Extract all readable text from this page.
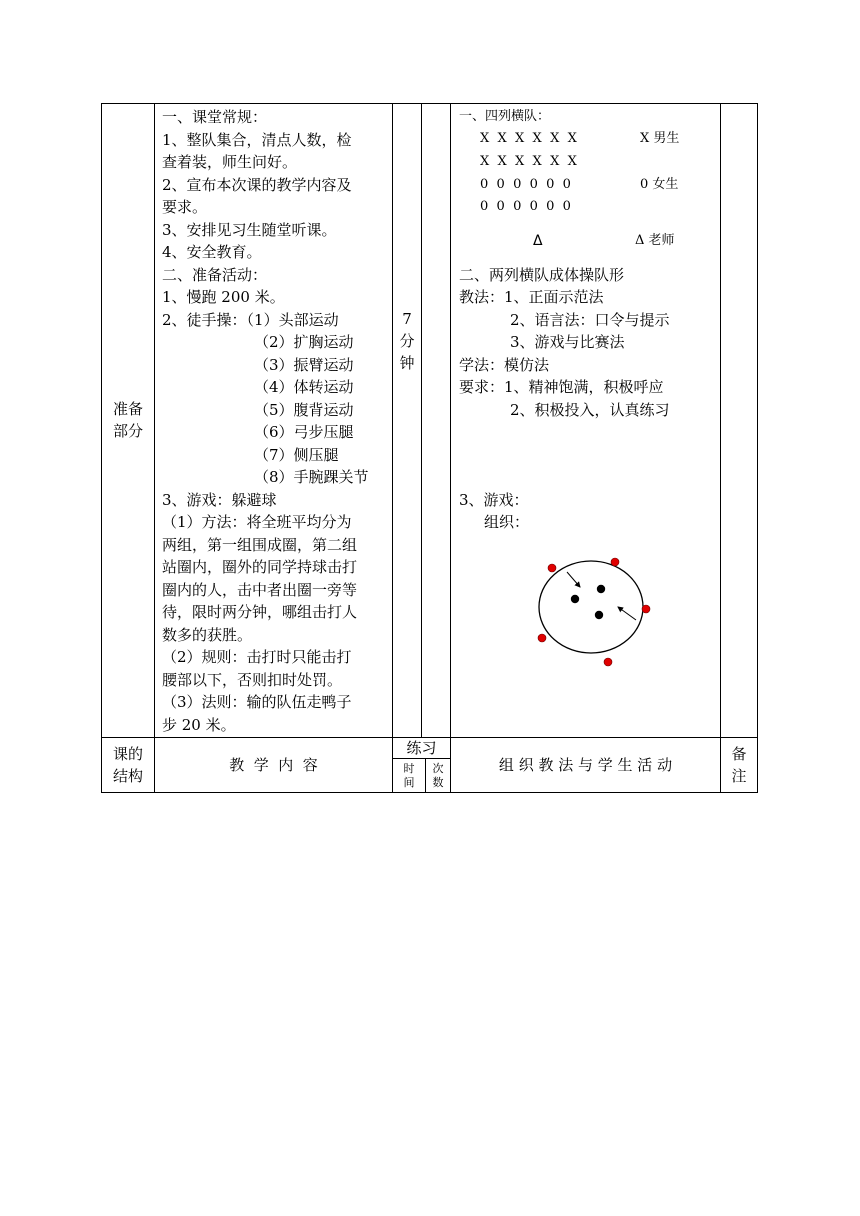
准备
部分
一、课堂常规：
1、整队集合，清点人数，检
查着装，师生问好。
2、宣布本次课的教学内容及
要求。
3、安排见习生随堂听课。
4、安全教育。
二、准备活动：
1、慢跑 200 米。
2、徒手操：（1）头部运动
（2）扩胸运动
（3）振臂运动
（4）体转运动
（5）腹背运动
（6）弓步压腿
（7）侧压腿
（8）手腕踝关节
3、游戏：躲避球
（1）方法：将全班平均分为
两组，第一组围成圈，第二组
站圈内，圈外的同学持球击打
圈内的人，击中者出圈一旁等
待，限时两分钟，哪组击打人
数多的获胜。
（2）规则：击打时只能击打
腰部以下，否则扣时处罚。
（3）法则：输的队伍走鸭子
步 20 米。
7
分
钟
一、四列横队：
X  X  X  X  X  X
X  X  X  X  X  X
0  0  0  0  0  0
0  0  0  0  0  0
X 男生
0 女生
Δ	Δ 老师
二、两列横队成体操队形
教法：1、正面示范法
2、语言法：口令与提示
3、游戏与比赛法
学法：模仿法
要求：1、精神饱满，积极呼应
2、积极投入，认真练习
3、游戏：
组织：
课的
结构
教  学  内  容
练习
时
间
次
数
组 织 教 法 与 学 生 活 动
备
注
